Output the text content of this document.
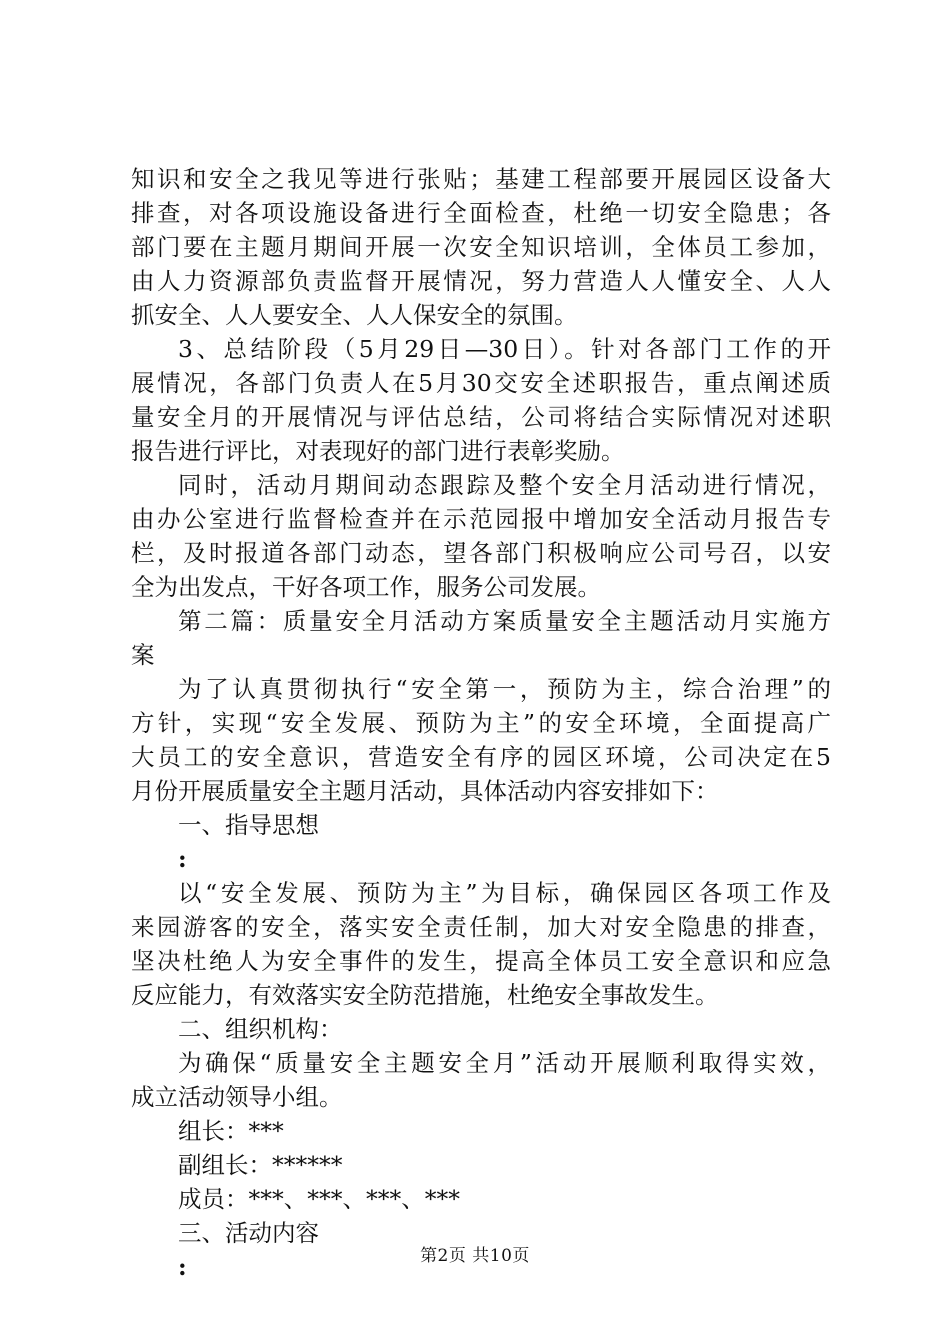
知识和安全之我见等进行张贴；基建工程部要开展园区设备大
排查，对各项设施设备进行全面检查，杜绝一切安全隐患；各
部门要在主题月期间开展一次安全知识培训，全体员工参加，
由人力资源部负责监督开展情况，努力营造人人懂安全、人人
抓安全、人人要安全、人人保安全的氛围。
3、总结阶段（5月29日—30日）。针对各部门工作的开
展情况，各部门负责人在5月30交安全述职报告，重点阐述质
量安全月的开展情况与评估总结，公司将结合实际情况对述职
报告进行评比，对表现好的部门进行表彰奖励。
同时，活动月期间动态跟踪及整个安全月活动进行情况，
由办公室进行监督检查并在示范园报中增加安全活动月报告专
栏，及时报道各部门动态，望各部门积极响应公司号召，以安
全为出发点，干好各项工作，服务公司发展。
第二篇：质量安全月活动方案质量安全主题活动月实施方
案
为了认真贯彻执行“安全第一，预防为主，综合治理”的
方针，实现“安全发展、预防为主”的安全环境，全面提高广
大员工的安全意识，营造安全有序的园区环境，公司决定在5
月份开展质量安全主题月活动，具体活动内容安排如下：
一、指导思想
:
以“安全发展、预防为主”为目标，确保园区各项工作及
来园游客的安全，落实安全责任制，加大对安全隐患的排查，
坚决杜绝人为安全事件的发生，提高全体员工安全意识和应急
反应能力，有效落实安全防范措施，杜绝安全事故发生。
二、组织机构：
为确保“质量安全主题安全月”活动开展顺利取得实效，
成立活动领导小组。
组长：***
副组长：******
成员：***、***、***、***
三、活动内容
:	第2页 共10页
